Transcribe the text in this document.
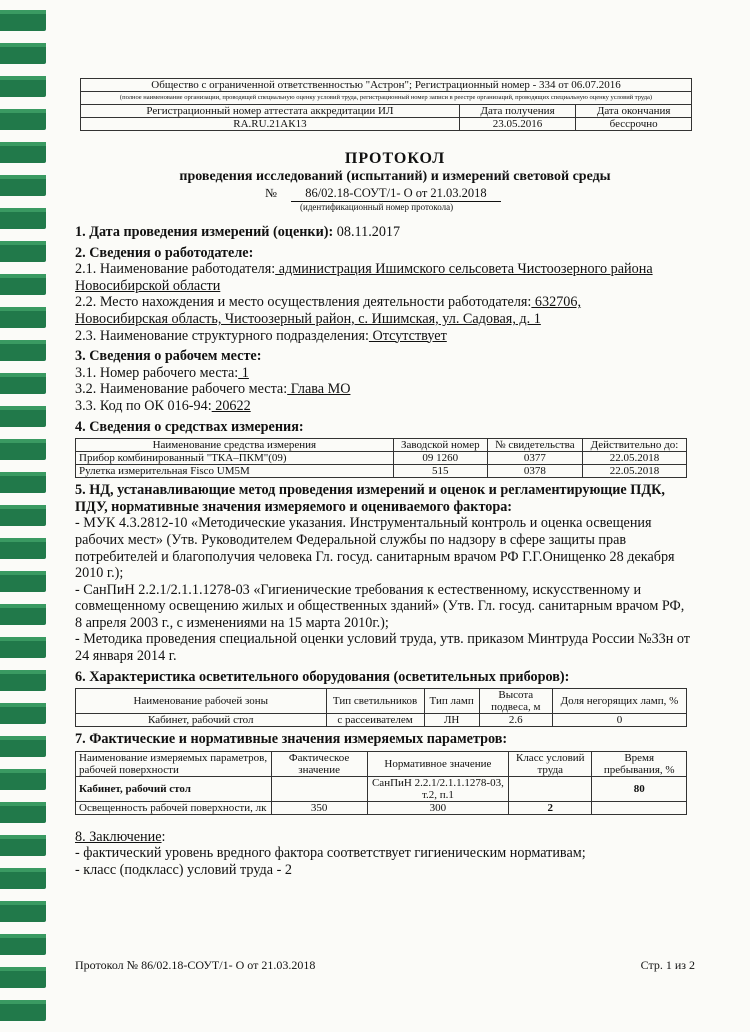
Общество с ограниченной ответственностью "Астрон"; Регистрационный номер - 334 от 06.07.2016		
(полное наименование организации, проводящей специальную оценку условий труда, регистрационный номер записи в реестре организаций, проводящих специальную оценку условий труда)		
Регистрационный номер аттестата аккредитации ИЛ	Дата получения	Дата окончания
RA.RU.21АК13	23.05.2016	бессрочно
ПРОТОКОЛ
проведения исследований (испытаний) и измерений световой среды
№ 86/02.18-СОУТ/1- О от 21.03.2018
(идентификационный номер протокола)

1. Дата проведения измерений (оценки): 08.11.2017

2. Сведения о работодателе:

2.1. Наименование работодателя: администрация Ишимского сельсовета Чистоозерного района

Новосибирской области

2.2. Место нахождения и место осуществления деятельности работодателя: 632706,

Новосибирская область, Чистоозерный район, с. Ишимская, ул. Садовая, д. 1

2.3. Наименование структурного подразделения: Отсутствует

3. Сведения о рабочем месте:

3.1. Номер рабочего места: 1

3.2. Наименование рабочего места: Глава МО

3.3. Код по ОК 016-94: 20622

4. Сведения о средствах измерения:

Наименование средства измерения	Заводской номер	№ свидетельства	Действительно до:
Прибор комбинированный "ТКА–ПКМ"(09)	09 1260	0377	22.05.2018
Рулетка измерительная Fisco UM5M	515	0378	22.05.2018

5. НД, устанавливающие метод проведения измерений и оценок и регламентирующие ПДК, ПДУ, нормативные значения измеряемого и оцениваемого фактора:

- МУК 4.3.2812-10 «Методические указания. Инструментальный контроль и оценка освещения рабочих мест» (Утв. Руководителем Федеральной службы по надзору в сфере защиты прав потребителей и благополучия человека Гл. госуд. санитарным врачом РФ Г.Г.Онищенко 28 декабря 2010 г.);

- СанПиН 2.2.1/2.1.1.1278-03 «Гигиенические требования к естественному, искусственному и совмещенному освещению жилых и общественных зданий» (Утв. Гл. госуд. санитарным врачом РФ, 8 апреля 2003 г., с изменениями на 15 марта 2010г.);

- Методика проведения специальной оценки условий труда, утв. приказом Минтруда России №33н от 24 января 2014 г.

6. Характеристика осветительного оборудования (осветительных приборов):

Наименование рабочей зоны	Тип светильников	Тип ламп	Высота подвеса, м	Доля негорящих ламп, %
Кабинет, рабочий стол	с рассеивателем	ЛН	2.6	0

7. Фактические и нормативные значения измеряемых параметров:

Наименование измеряемых параметров, рабочей поверхности	Фактическое значение	Нормативное значение	Класс условий труда	Время пребывания, %
Кабинет, рабочий стол		СанПиН 2.2.1/2.1.1.1278-03, т.2, п.1		80
Освещенность рабочей поверхности, лк	350	300	2	

8. Заключение:

- фактический уровень вредного фактора соответствует гигиеническим нормативам;

- класс (подкласс) условий труда - 2

Протокол № 86/02.18-СОУТ/1- О от 21.03.2018	Стр. 1 из 2
